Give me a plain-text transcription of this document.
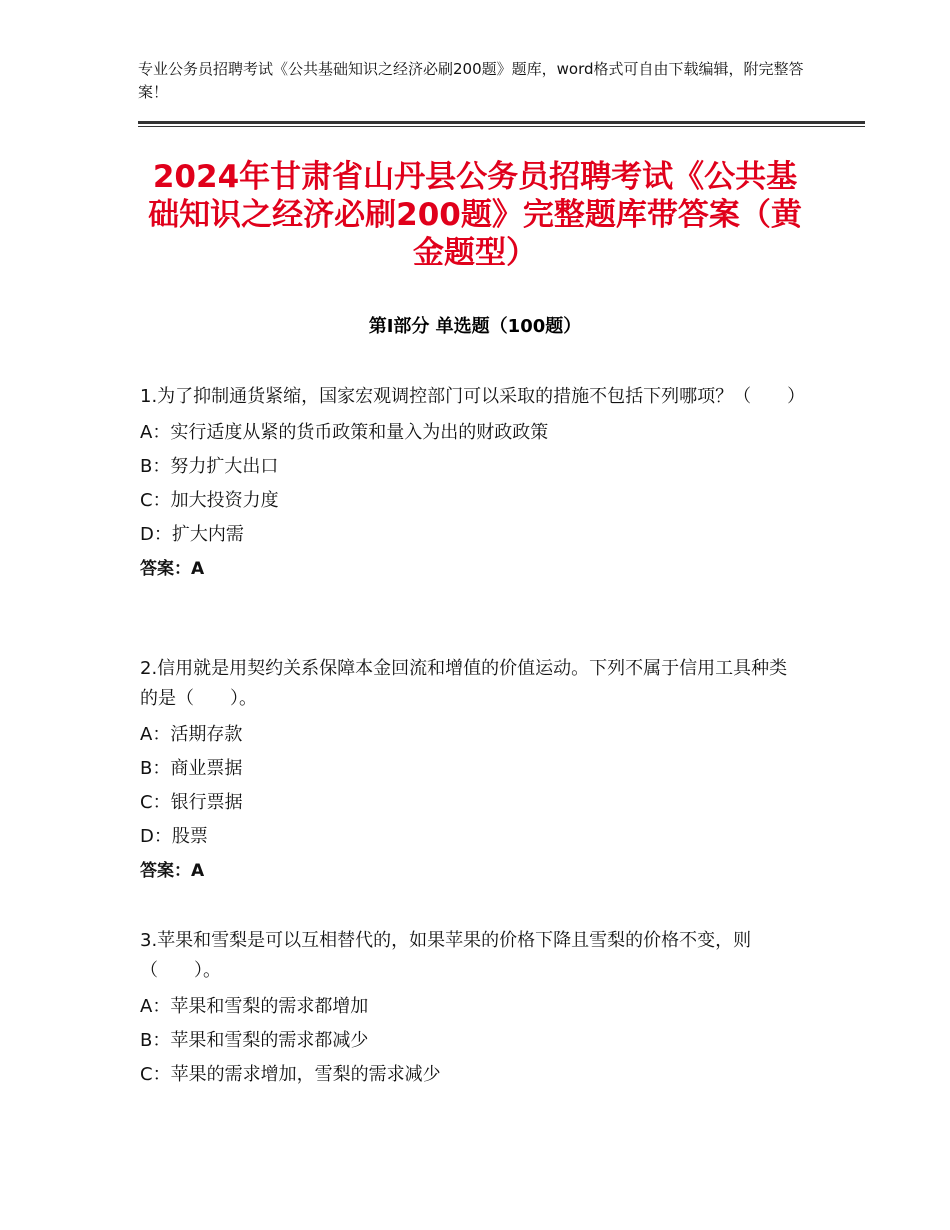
专业公务员招聘考试《公共基础知识之经济必刷200题》题库，word格式可自由下载编辑，附完整答案！
2024年甘肃省山丹县公务员招聘考试《公共基础知识之经济必刷200题》完整题库带答案（黄金题型）
第Ⅰ部分 单选题（100题）

1.为了抑制通货紧缩，国家宏观调控部门可以采取的措施不包括下列哪项？（　　）

A：实行适度从紧的货币政策和量入为出的财政政策

B：努力扩大出口

C：加大投资力度

D：扩大内需

答案：A

2.信用就是用契约关系保障本金回流和增值的价值运动。下列不属于信用工具种类的是（　　）。

A：活期存款

B：商业票据

C：银行票据

D：股票

答案：A

3.苹果和雪梨是可以互相替代的，如果苹果的价格下降且雪梨的价格不变，则（　　）。

A：苹果和雪梨的需求都增加

B：苹果和雪梨的需求都减少

C：苹果的需求增加，雪梨的需求减少
